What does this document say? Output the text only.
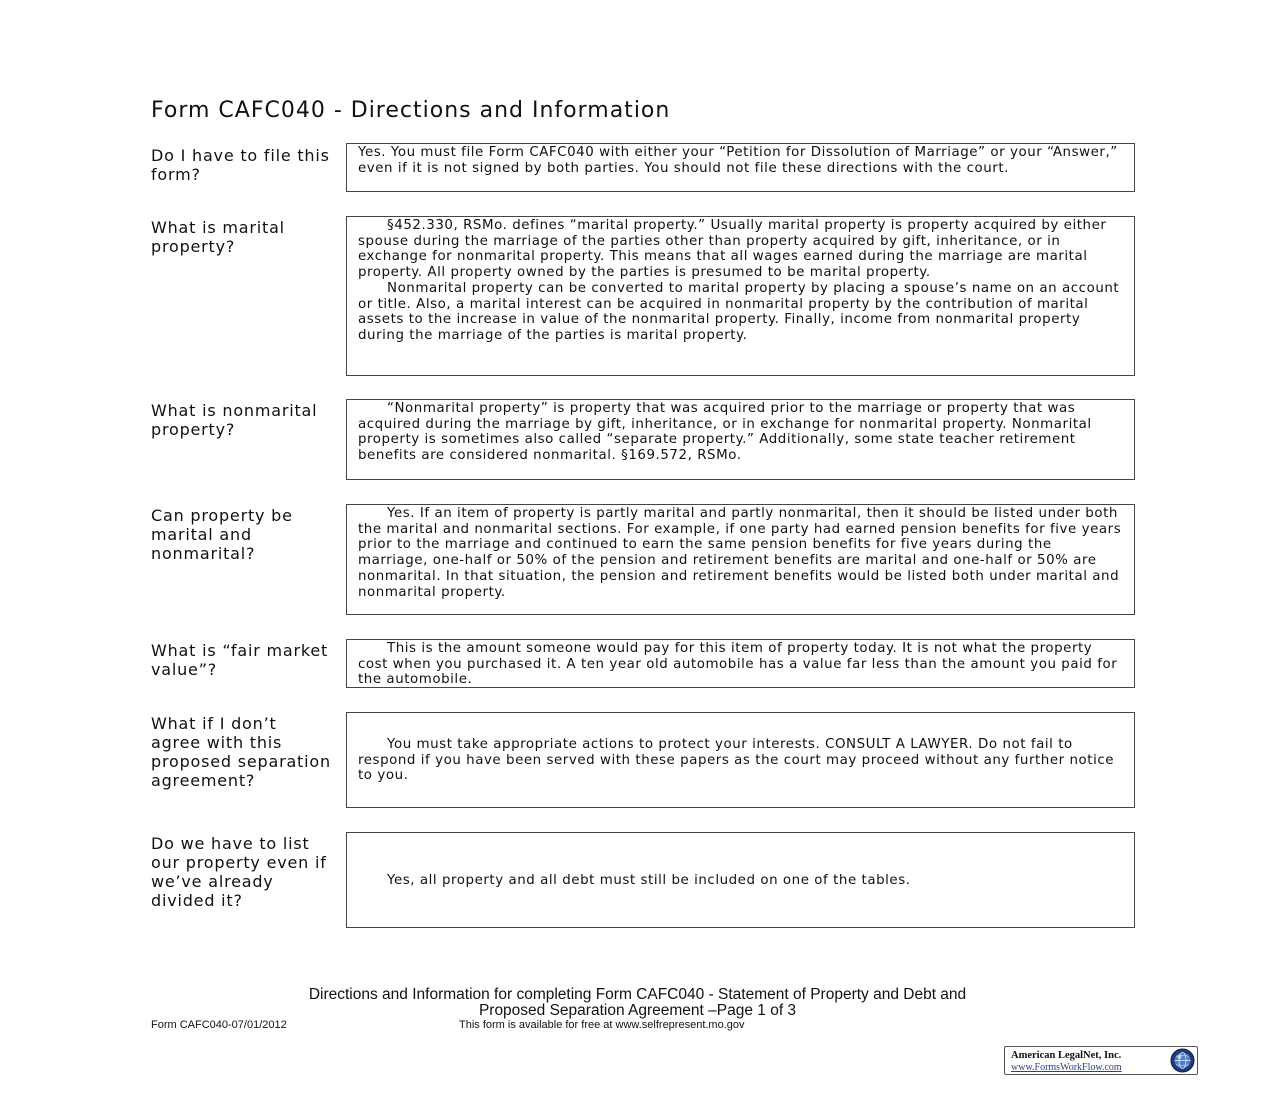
Form CAFC040 - Directions and Information
Do I have to file this form?

Yes. You must file Form CAFC040 with either your “Petition for Dissolution of Marriage” or your “Answer,” even if it is not signed by both parties. You should not file these directions with the court.

What is marital property?

§452.330, RSMo. defines “marital property.” Usually marital property is property acquired by either spouse during the marriage of the parties other than property acquired by gift, inheritance, or in exchange for nonmarital property. This means that all wages earned during the marriage are marital property. All property owned by the parties is presumed to be marital property.

Nonmarital property can be converted to marital property by placing a spouse’s name on an account or title. Also, a marital interest can be acquired in nonmarital property by the contribution of marital assets to the increase in value of the nonmarital property. Finally, income from nonmarital property during the marriage of the parties is marital property.

What is nonmarital property?

“Nonmarital property” is property that was acquired prior to the marriage or property that was acquired during the marriage by gift, inheritance, or in exchange for nonmarital property. Nonmarital property is sometimes also called “separate property.” Additionally, some state teacher retirement benefits are considered nonmarital. §169.572, RSMo.

Can property be marital and nonmarital?

Yes. If an item of property is partly marital and partly nonmarital, then it should be listed under both the marital and nonmarital sections. For example, if one party had earned pension benefits for five years prior to the marriage and continued to earn the same pension benefits for five years during the marriage, one-half or 50% of the pension and retirement benefits are marital and one-half or 50% are nonmarital. In that situation, the pension and retirement benefits would be listed both under marital and nonmarital property.

What is “fair market value”?

This is the amount someone would pay for this item of property today. It is not what the property cost when you purchased it. A ten year old automobile has a value far less than the amount you paid for the automobile.

What if I don’t agree with this proposed separation agreement?

You must take appropriate actions to protect your interests. CONSULT A LAWYER. Do not fail to respond if you have been served with these papers as the court may proceed without any further notice to you.

Do we have to list our property even if we’ve already divided it?

Yes, all property and all debt must still be included on one of the tables.

Directions and Information for completing Form CAFC040 - Statement of Property and Debt and
Proposed Separation Agreement –Page 1 of 3
Form CAFC040-07/01/2012	This form is available for free at www.selfrepresent.mo.gov
American LegalNet, Inc.
www.FormsWorkFlow.com
